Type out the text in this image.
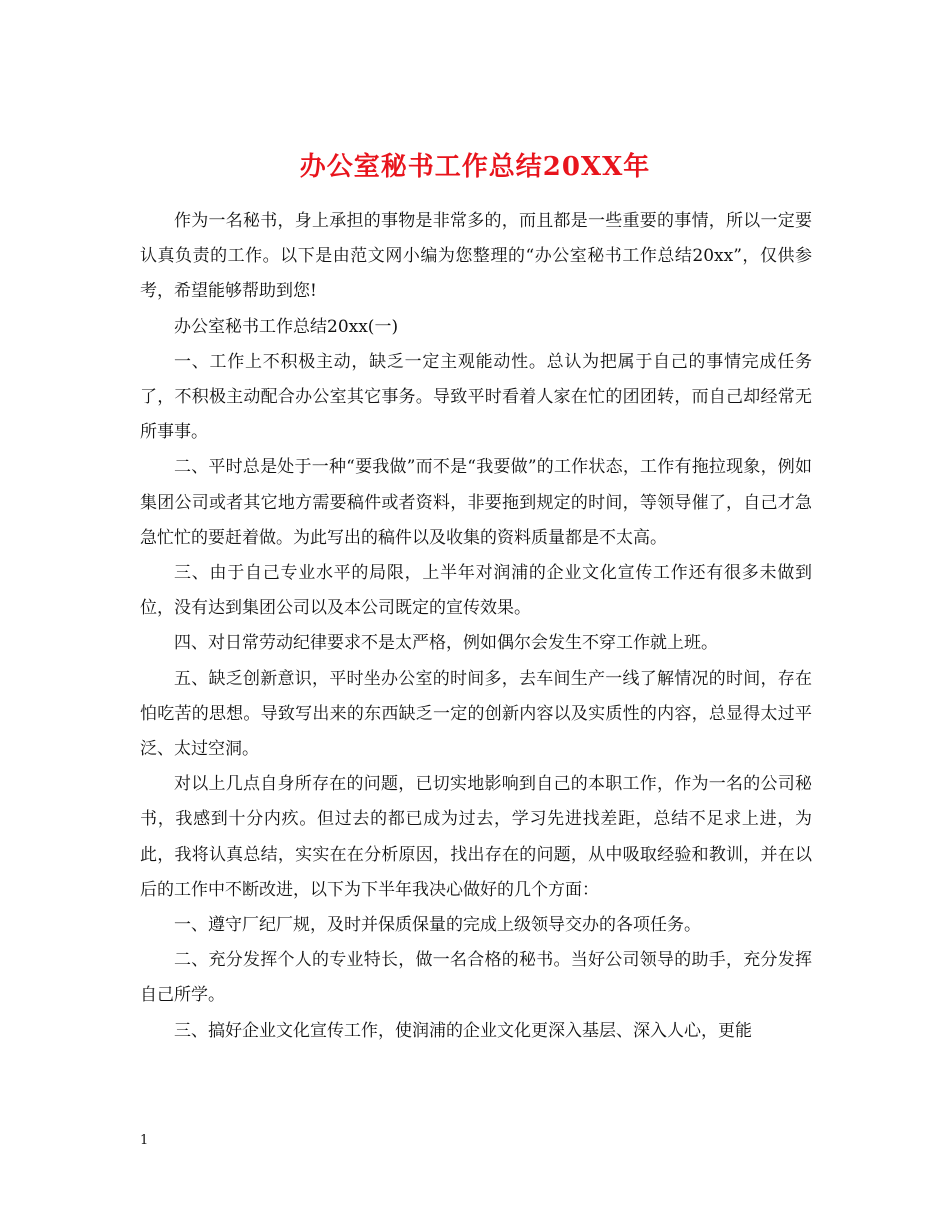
办公室秘书工作总结20XX年

作为一名秘书，身上承担的事物是非常多的，而且都是一些重要的事情，所以一定要认真负责的工作。以下是由范文网小编为您整理的“办公室秘书工作总结20xx”，仅供参考，希望能够帮助到您!

办公室秘书工作总结20xx(一)

一、工作上不积极主动，缺乏一定主观能动性。总认为把属于自己的事情完成任务了，不积极主动配合办公室其它事务。导致平时看着人家在忙的团团转，而自己却经常无所事事。

二、平时总是处于一种“要我做”而不是“我要做”的工作状态，工作有拖拉现象，例如集团公司或者其它地方需要稿件或者资料，非要拖到规定的时间，等领导催了，自己才急急忙忙的要赶着做。为此写出的稿件以及收集的资料质量都是不太高。

三、由于自己专业水平的局限，上半年对润浦的企业文化宣传工作还有很多未做到位，没有达到集团公司以及本公司既定的宣传效果。

四、对日常劳动纪律要求不是太严格，例如偶尔会发生不穿工作就上班。

五、缺乏创新意识，平时坐办公室的时间多，去车间生产一线了解情况的时间，存在怕吃苦的思想。导致写出来的东西缺乏一定的创新内容以及实质性的内容，总显得太过平泛、太过空洞。

对以上几点自身所存在的问题，已切实地影响到自己的本职工作，作为一名的公司秘书，我感到十分内疚。但过去的都已成为过去，学习先进找差距，总结不足求上进，为此，我将认真总结，实实在在分析原因，找出存在的问题，从中吸取经验和教训，并在以后的工作中不断改进，以下为下半年我决心做好的几个方面：

一、遵守厂纪厂规，及时并保质保量的完成上级领导交办的各项任务。

二、充分发挥个人的专业特长，做一名合格的秘书。当好公司领导的助手，充分发挥自己所学。

三、搞好企业文化宣传工作，使润浦的企业文化更深入基层、深入人心，更能

1
